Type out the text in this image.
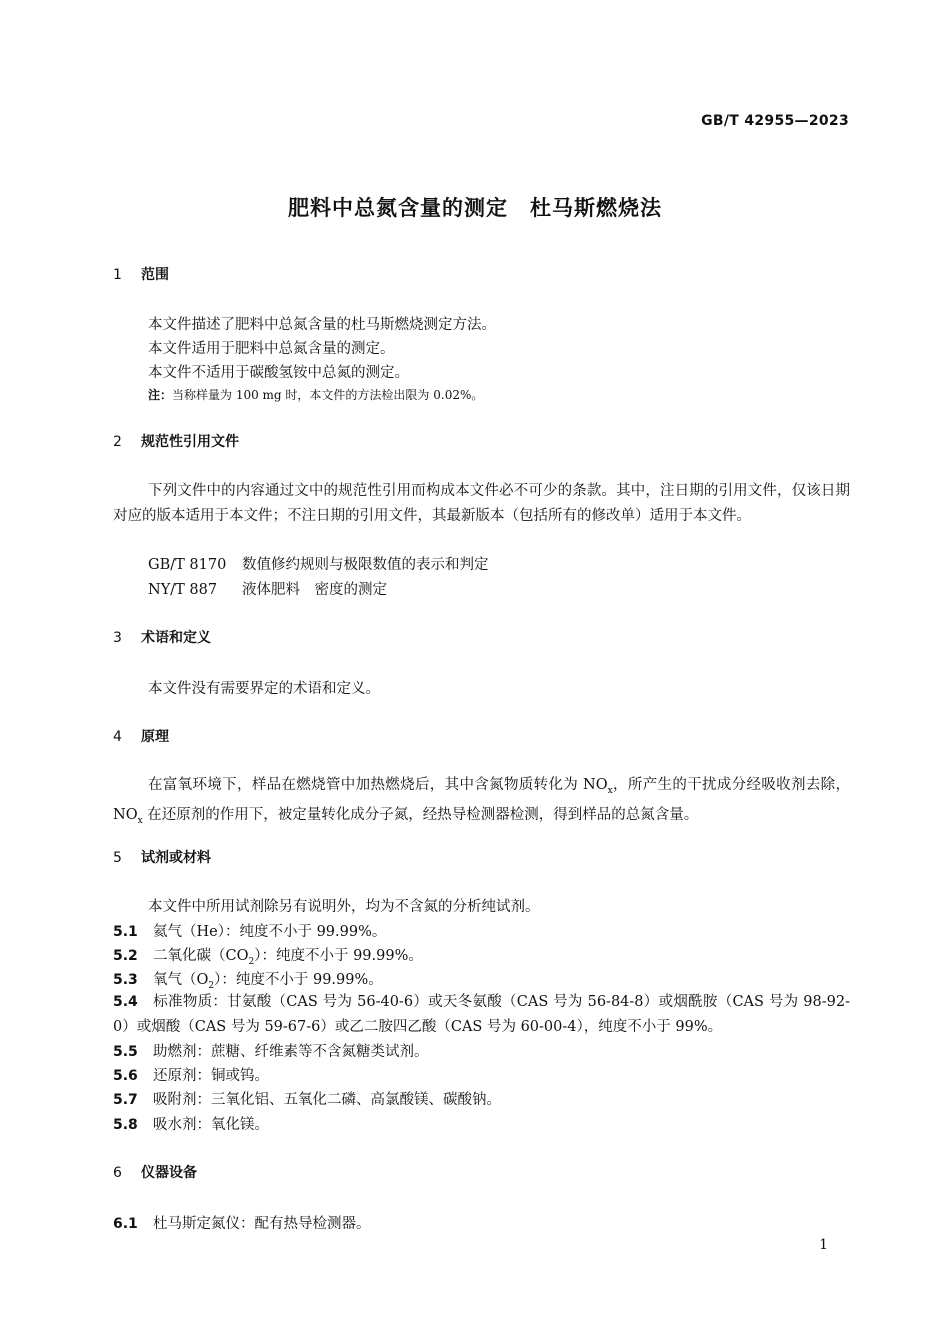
GB/T 42955—2023
肥料中总氮含量的测定　杜马斯燃烧法
1 范围
本文件描述了肥料中总氮含量的杜马斯燃烧测定方法。
本文件适用于肥料中总氮含量的测定。
本文件不适用于碳酸氢铵中总氮的测定。
注：当称样量为 100 mg 时，本文件的方法检出限为 0.02%。
2 规范性引用文件
下列文件中的内容通过文中的规范性引用而构成本文件必不可少的条款。其中，注日期的引用文件，仅该日期对应的版本适用于本文件；不注日期的引用文件，其最新版本（包括所有的修改单）适用于本文件。
GB/T 8170 数值修约规则与极限数值的表示和判定
NY/T 887 液体肥料　密度的测定
3 术语和定义
本文件没有需要界定的术语和定义。
4 原理
在富氧环境下，样品在燃烧管中加热燃烧后，其中含氮物质转化为 $NO_x$，所产生的干扰成分经吸收剂去除，$NO_x$ 在还原剂的作用下，被定量转化成分子氮，经热导检测器检测，得到样品的总氮含量。
5 试剂或材料
本文件中所用试剂除另有说明外，均为不含氮的分析纯试剂。
5.1 氦气（He）：纯度不小于 99.99%。
5.2 二氧化碳$(CO_2)$：纯度不小于 99.99%。
5.3 氧气$(O_2)$：纯度不小于 99.99%。
5.4 标准物质：甘氨酸（CAS 号为 56-40-6）或天冬氨酸（CAS 号为 56-84-8）或烟酰胺（CAS 号为 98-92-0）或烟酸（CAS 号为 59-67-6）或乙二胺四乙酸（CAS 号为 60-00-4），纯度不小于 99%。
5.5 助燃剂：蔗糖、纤维素等不含氮糖类试剂。
5.6 还原剂：铜或钨。
5.7 吸附剂：三氧化铝、五氧化二磷、高氯酸镁、碳酸钠。
5.8 吸水剂：氧化镁。
6 仪器设备
6.1 杜马斯定氮仪：配有热导检测器。
1
